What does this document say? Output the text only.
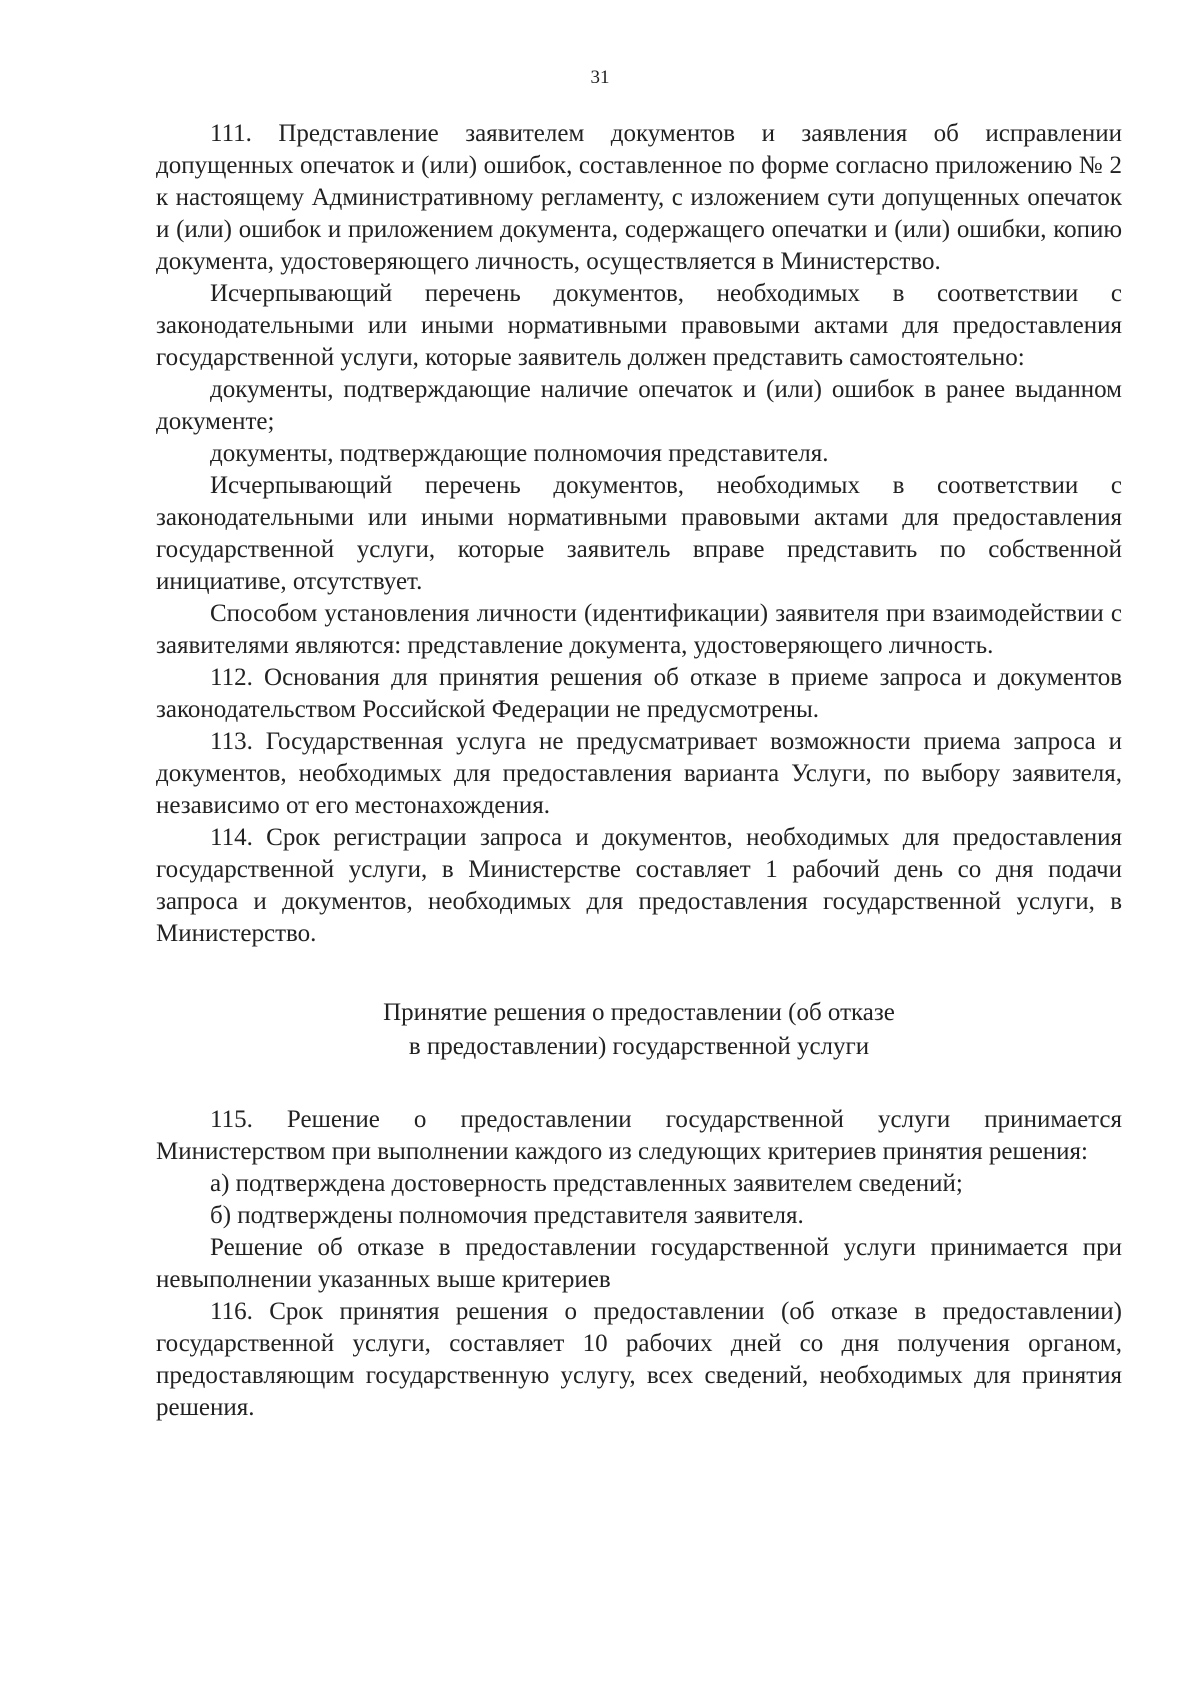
31

111. Представление заявителем документов и заявления об исправлении допущенных опечаток и (или) ошибок, составленное по форме согласно приложению № 2 к настоящему Административному регламенту, с изложением сути допущенных опечаток и (или) ошибок и приложением документа, содержащего опечатки и (или) ошибки, копию документа, удостоверяющего личность, осуществляется в Министерство.

Исчерпывающий перечень документов, необходимых в соответствии с законодательными или иными нормативными правовыми актами для предоставления государственной услуги, которые заявитель должен представить самостоятельно:

документы, подтверждающие наличие опечаток и (или) ошибок в ранее выданном документе;

документы, подтверждающие полномочия представителя.

Исчерпывающий перечень документов, необходимых в соответствии с законодательными или иными нормативными правовыми актами для предоставления государственной услуги, которые заявитель вправе представить по собственной инициативе, отсутствует.

Способом установления личности (идентификации) заявителя при взаимодействии с заявителями являются: представление документа, удостоверяющего личность.

112. Основания для принятия решения об отказе в приеме запроса и документов законодательством Российской Федерации не предусмотрены.

113. Государственная услуга не предусматривает возможности приема запроса и документов, необходимых для предоставления варианта Услуги, по выбору заявителя, независимо от его местонахождения.

114. Срок регистрации запроса и документов, необходимых для предоставления государственной услуги, в Министерстве составляет 1 рабочий день со дня подачи запроса и документов, необходимых для предоставления государственной услуги, в Министерство.

Принятие решения о предоставлении (об отказе
в предоставлении) государственной услуги

115. Решение о предоставлении государственной услуги принимается Министерством при выполнении каждого из следующих критериев принятия решения:

а) подтверждена достоверность представленных заявителем сведений;

б) подтверждены полномочия представителя заявителя.

Решение об отказе в предоставлении государственной услуги принимается при невыполнении указанных выше критериев

116. Срок принятия решения о предоставлении (об отказе в предоставлении) государственной услуги, составляет 10 рабочих дней со дня получения органом, предоставляющим государственную услугу, всех сведений, необходимых для принятия решения.
